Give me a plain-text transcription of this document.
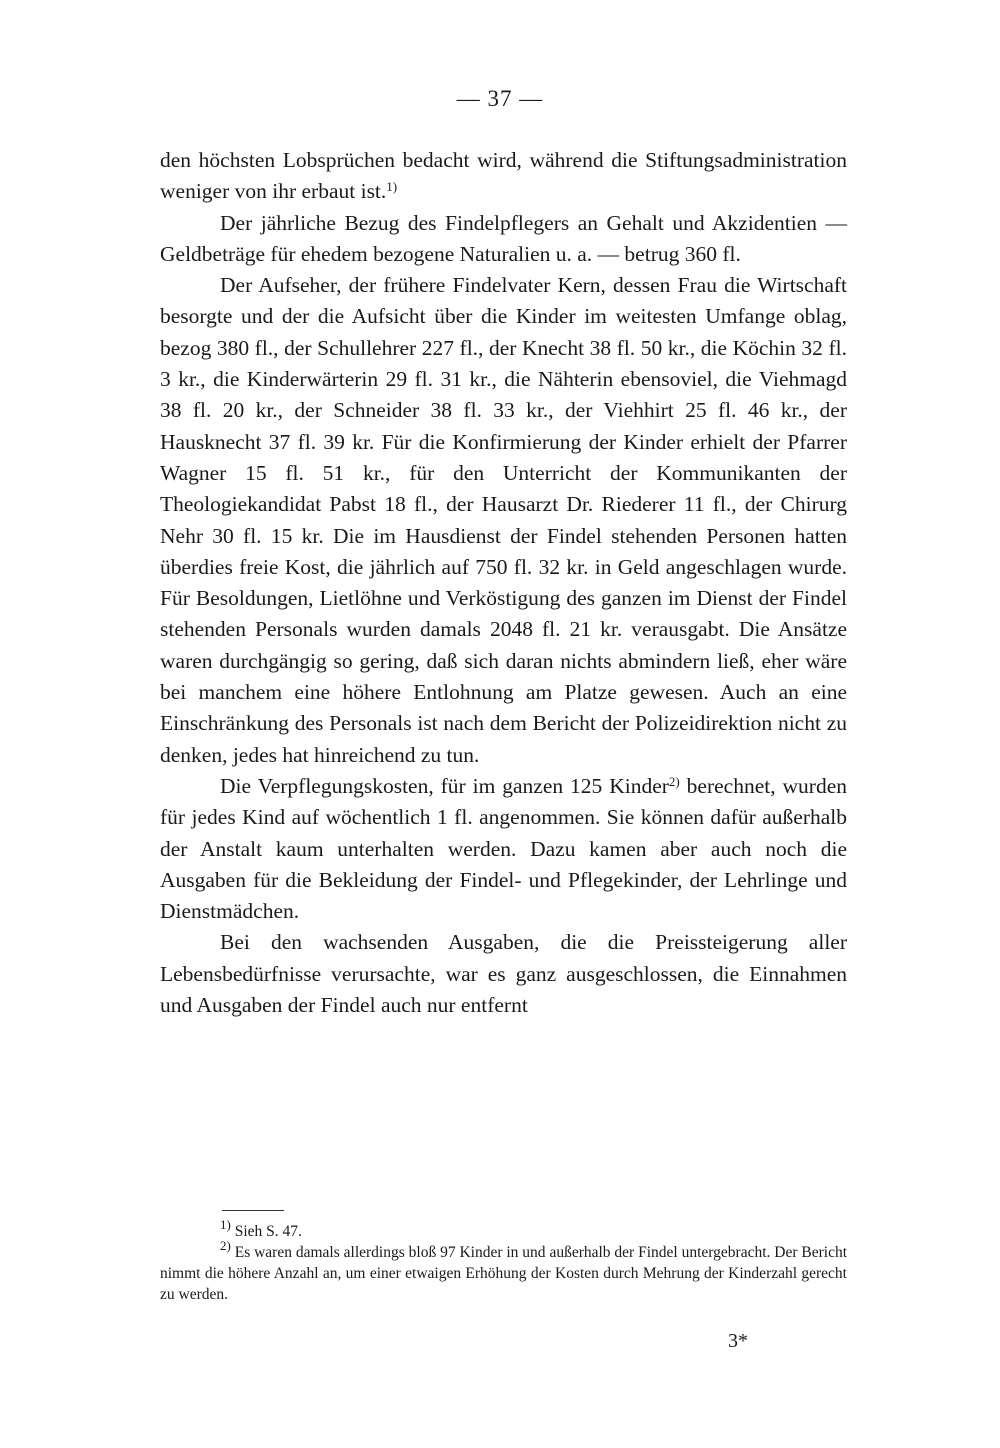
— 37 —

den höchsten Lobsprüchen bedacht wird, während die Stiftungsadministration weniger von ihr erbaut ist.$^{1)}$

Der jährliche Bezug des Findelpflegers an Gehalt und Akzidentien — Geldbeträge für ehedem bezogene Naturalien u. a. — betrug 360 fl.

Der Aufseher, der frühere Findelvater Kern, dessen Frau die Wirtschaft besorgte und der die Aufsicht über die Kinder im weitesten Umfange oblag, bezog 380 fl., der Schullehrer 227 fl., der Knecht 38 fl. 50 kr., die Köchin 32 fl. 3 kr., die Kinderwärterin 29 fl. 31 kr., die Nähterin ebensoviel, die Viehmagd 38 fl. 20 kr., der Schneider 38 fl. 33 kr., der Viehhirt 25 fl. 46 kr., der Hausknecht 37 fl. 39 kr. Für die Konfirmierung der Kinder erhielt der Pfarrer Wagner 15 fl. 51 kr., für den Unterricht der Kommunikanten der Theologiekandidat Pabst 18 fl., der Hausarzt Dr. Riederer 11 fl., der Chirurg Nehr 30 fl. 15 kr. Die im Hausdienst der Findel stehenden Personen hatten überdies freie Kost, die jährlich auf 750 fl. 32 kr. in Geld angeschlagen wurde. Für Besoldungen, Lietlöhne und Verköstigung des ganzen im Dienst der Findel stehenden Personals wurden damals 2048 fl. 21 kr. verausgabt. Die Ansätze waren durchgängig so gering, daß sich daran nichts abmindern ließ, eher wäre bei manchem eine höhere Entlohnung am Platze gewesen. Auch an eine Einschränkung des Personals ist nach dem Bericht der Polizeidirektion nicht zu denken, jedes hat hinreichend zu tun.

Die Verpflegungskosten, für im ganzen 125 Kinder$^{2)}$ berechnet, wurden für jedes Kind auf wöchentlich 1 fl. angenommen. Sie können dafür außerhalb der Anstalt kaum unterhalten werden. Dazu kamen aber auch noch die Ausgaben für die Bekleidung der Findel- und Pflegekinder, der Lehrlinge und Dienstmädchen.

Bei den wachsenden Ausgaben, die die Preissteigerung aller Lebensbedürfnisse verursachte, war es ganz ausgeschlossen, die Einnahmen und Ausgaben der Findel auch nur entfernt

$^{1)}$ Sieh S. 47.

$^{2)}$ Es waren damals allerdings bloß 97 Kinder in und außerhalb der Findel untergebracht. Der Bericht nimmt die höhere Anzahl an, um einer etwaigen Erhöhung der Kosten durch Mehrung der Kinderzahl gerecht zu werden.

3*
